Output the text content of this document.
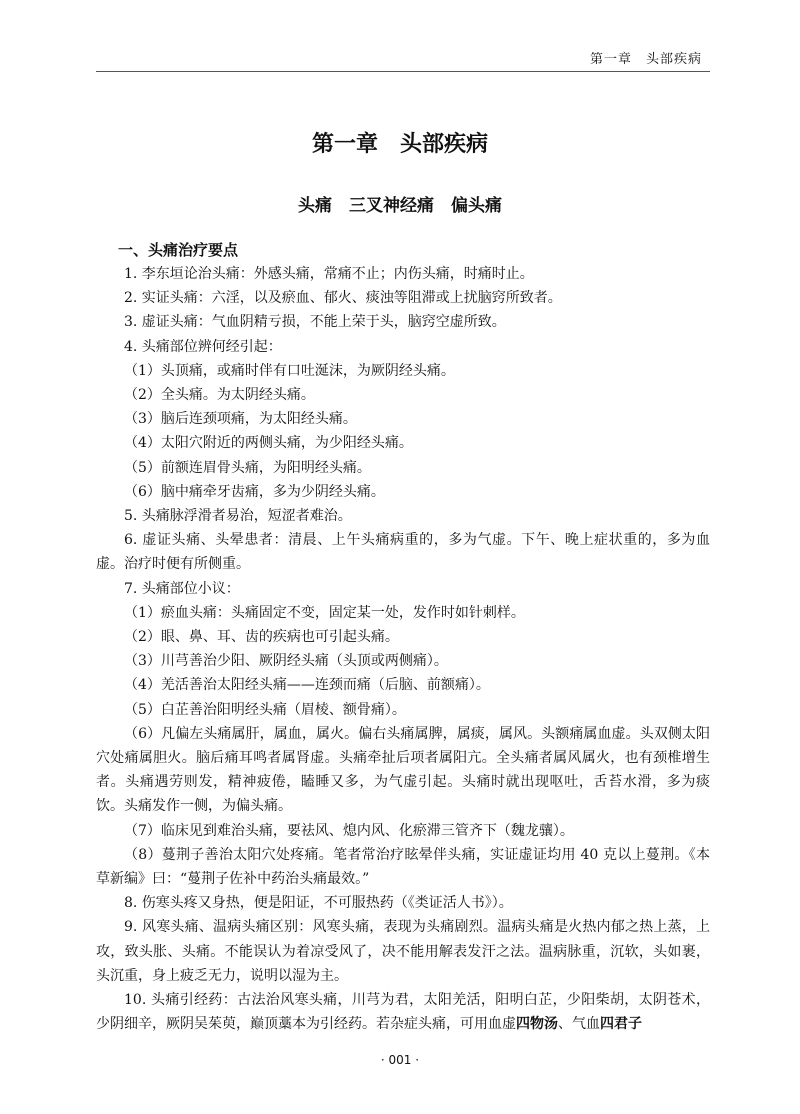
第一章　头部疾病
第一章　头部疾病
头痛　三叉神经痛　偏头痛
一、头痛治疗要点

1. 李东垣论治头痛：外感头痛，常痛不止；内伤头痛，时痛时止。

2. 实证头痛：六淫，以及瘀血、郁火、痰浊等阻滞或上扰脑窍所致者。

3. 虚证头痛：气血阴精亏损，不能上荣于头，脑窍空虚所致。

4. 头痛部位辨何经引起：

（1）头顶痛，或痛时伴有口吐涎沫，为厥阴经头痛。

（2）全头痛。为太阴经头痛。

（3）脑后连颈项痛，为太阳经头痛。

（4）太阳穴附近的两侧头痛，为少阳经头痛。

（5）前额连眉骨头痛，为阳明经头痛。

（6）脑中痛牵牙齿痛，多为少阴经头痛。

5. 头痛脉浮滑者易治，短涩者难治。

6. 虚证头痛、头晕患者：清晨、上午头痛病重的，多为气虚。下午、晚上症状重的，多为血虚。治疗时便有所侧重。

7. 头痛部位小议：

（1）瘀血头痛：头痛固定不变，固定某一处，发作时如针刺样。

（2）眼、鼻、耳、齿的疾病也可引起头痛。

（3）川芎善治少阳、厥阴经头痛（头顶或两侧痛）。

（4）羌活善治太阳经头痛——连颈而痛（后脑、前额痛）。

（5）白芷善治阳明经头痛（眉棱、额骨痛）。

（6）凡偏左头痛属肝，属血，属火。偏右头痛属脾，属痰，属风。头额痛属血虚。头双侧太阳穴处痛属胆火。脑后痛耳鸣者属肾虚。头痛牵扯后项者属阳亢。全头痛者属风属火，也有颈椎增生者。头痛遇劳则发，精神疲倦，瞌睡又多，为气虚引起。头痛时就出现呕吐，舌苔水滑，多为痰饮。头痛发作一侧，为偏头痛。

（7）临床见到难治头痛，要祛风、熄内风、化瘀滞三管齐下（魏龙骧）。

（8）蔓荆子善治太阳穴处疼痛。笔者常治疗眩晕伴头痛，实证虚证均用 40 克以上蔓荆。《本草新编》曰：“蔓荆子佐补中药治头痛最效。”

8. 伤寒头疼又身热，便是阳证，不可服热药（《类证活人书》）。

9. 风寒头痛、温病头痛区别：风寒头痛，表现为头痛剧烈。温病头痛是火热内郁之热上蒸，上攻，致头胀、头痛。不能误认为着凉受风了，决不能用解表发汗之法。温病脉重，沉软，头如裹，头沉重，身上疲乏无力，说明以湿为主。

10. 头痛引经药：古法治风寒头痛，川芎为君，太阳羌活，阳明白芷，少阳柴胡，太阴苍术，少阴细辛，厥阴吴茱萸，巅顶藁本为引经药。若杂症头痛，可用血虚四物汤、气血四君子

· 001 ·
